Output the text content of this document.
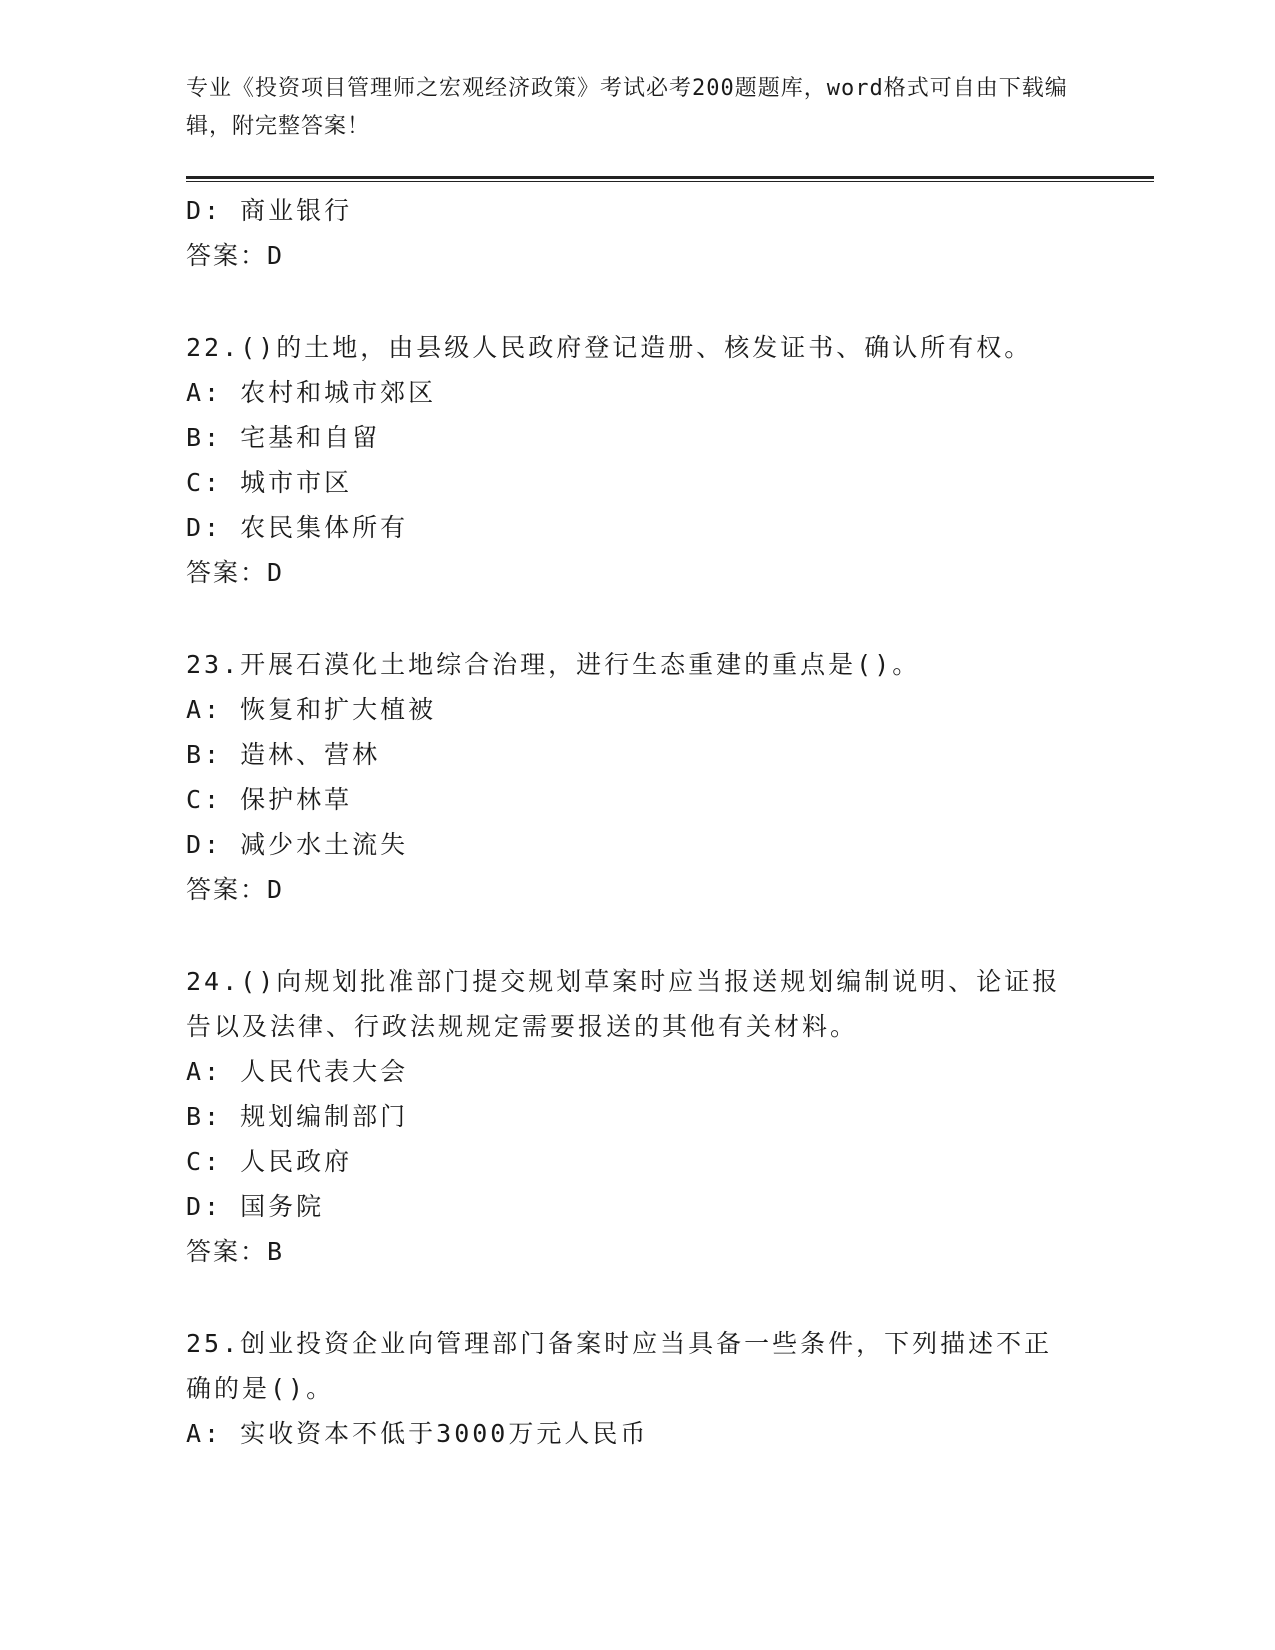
专业《投资项目管理师之宏观经济政策》考试必考200题题库，word格式可自由下载编辑，附完整答案！
D: 商业银行
答案：D
22.()的土地，由县级人民政府登记造册、核发证书、确认所有权。
A: 农村和城市郊区
B: 宅基和自留
C: 城市市区
D: 农民集体所有
答案：D
23.开展石漠化土地综合治理，进行生态重建的重点是()。
A: 恢复和扩大植被
B: 造林、营林
C: 保护林草
D: 减少水土流失
答案：D
24.()向规划批准部门提交规划草案时应当报送规划编制说明、论证报告以及法律、行政法规规定需要报送的其他有关材料。
A: 人民代表大会
B: 规划编制部门
C: 人民政府
D: 国务院
答案：B
25.创业投资企业向管理部门备案时应当具备一些条件，下列描述不正确的是()。
A: 实收资本不低于3000万元人民币
